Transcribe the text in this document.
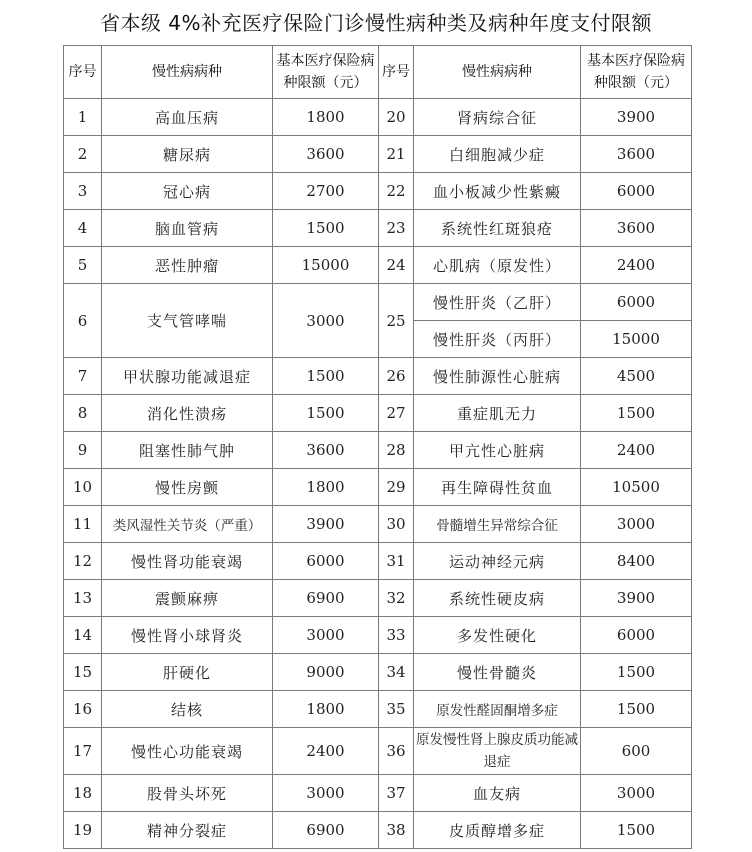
省本级 4%补充医疗保险门诊慢性病种类及病种年度支付限额
序号	慢性病病种	基本医疗保险病种限额（元）	序号	慢性病病种	基本医疗保险病种限额（元）

1	高血压病	1800	20	肾病综合征	3900
2	糖尿病	3600	21	白细胞减少症	3600
3	冠心病	2700	22	血小板减少性紫癜	6000
4	脑血管病	1500	23	系统性红斑狼疮	3600
5	恶性肿瘤	15000	24	心肌病（原发性）	2400
6	支气管哮喘	3000	25	慢性肝炎（乙肝）	6000
				慢性肝炎（丙肝）	15000
7	甲状腺功能减退症	1500	26	慢性肺源性心脏病	4500
8	消化性溃疡	1500	27	重症肌无力	1500
9	阻塞性肺气肿	3600	28	甲亢性心脏病	2400
10	慢性房颤	1800	29	再生障碍性贫血	10500
11	类风湿性关节炎（严重）	3900	30	骨髓增生异常综合征	3000
12	慢性肾功能衰竭	6000	31	运动神经元病	8400
13	震颤麻痹	6900	32	系统性硬皮病	3900
14	慢性肾小球肾炎	3000	33	多发性硬化	6000
15	肝硬化	9000	34	慢性骨髓炎	1500
16	结核	1800	35	原发性醛固酮增多症	1500
17	慢性心功能衰竭	2400	36	原发慢性肾上腺皮质功能减退症	600
18	股骨头坏死	3000	37	血友病	3000
19	精神分裂症	6900	38	皮质醇增多症	1500
